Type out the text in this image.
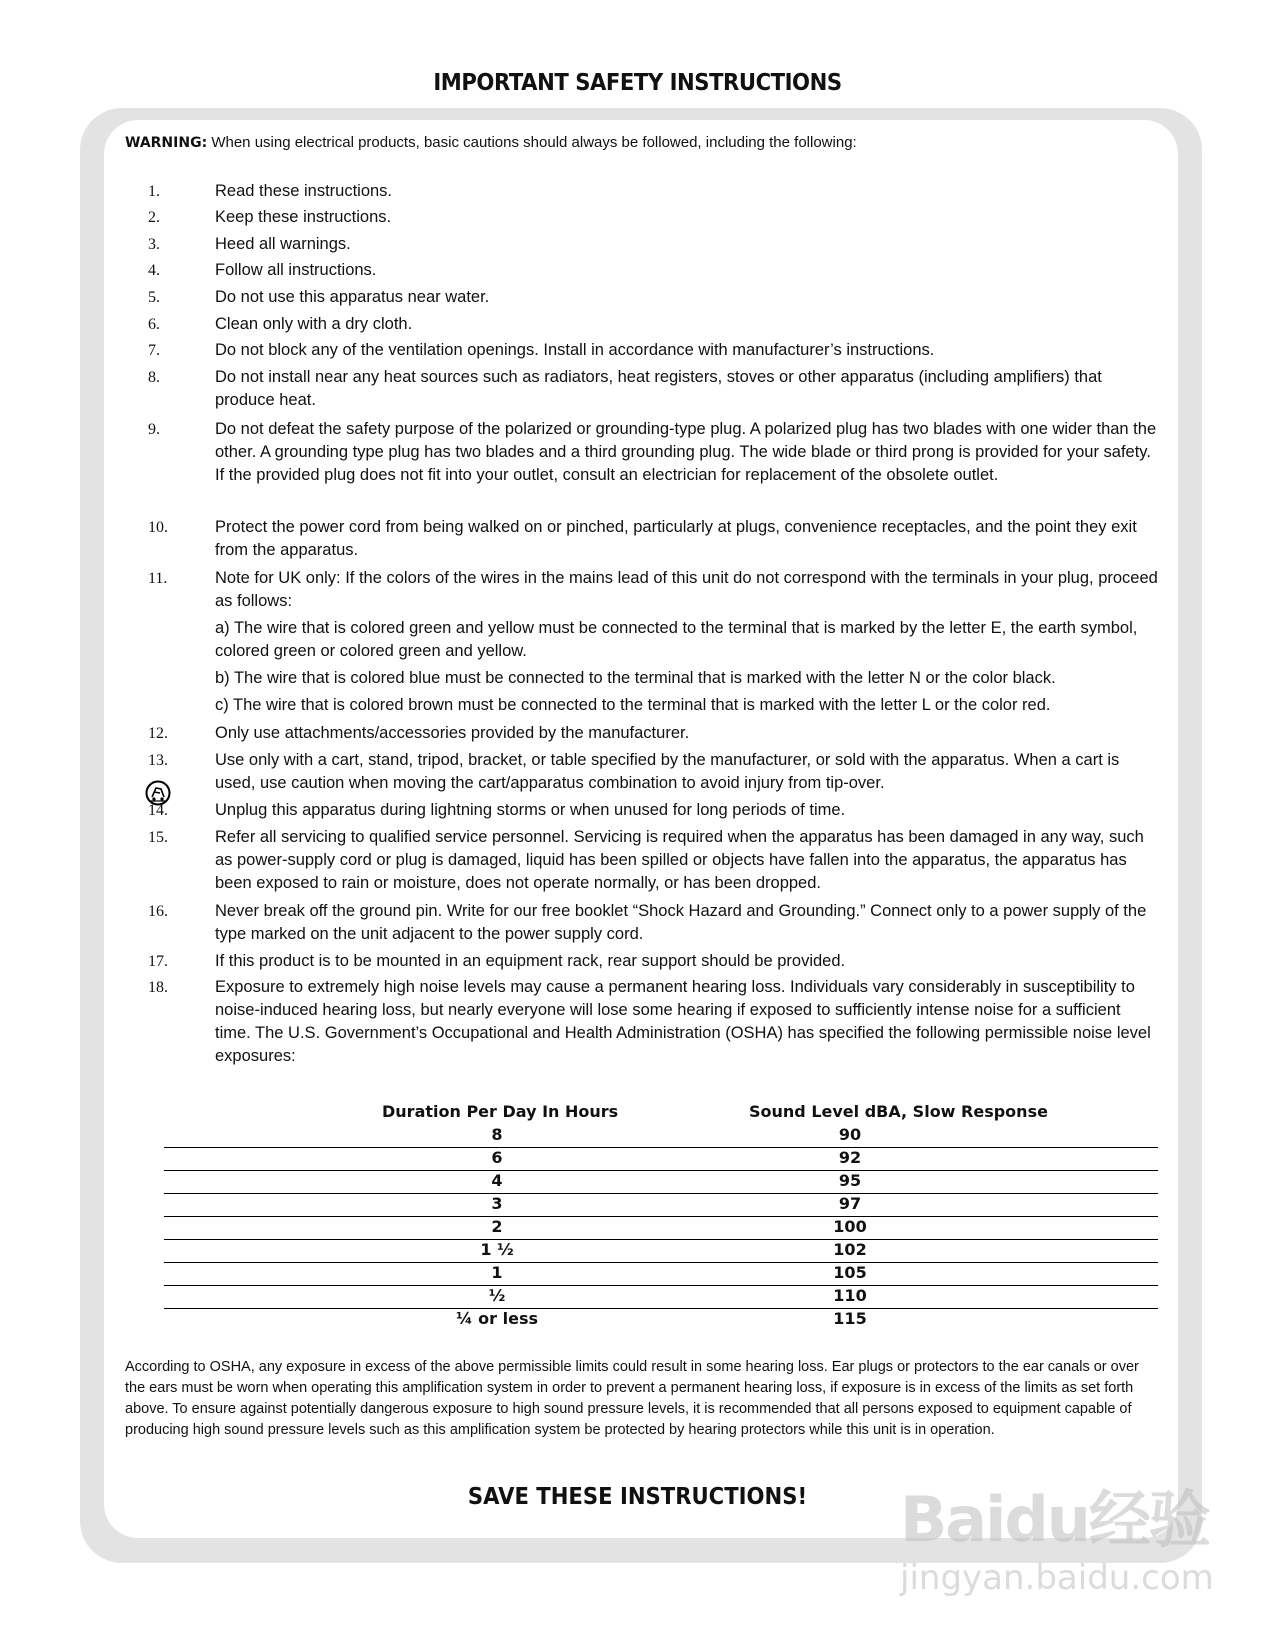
IMPORTANT SAFETY INSTRUCTIONS
WARNING: When using electrical products, basic cautions should always be followed, including the following:
1.	Read these instructions.
2.	Keep these instructions.
3.	Heed all warnings.
4.	Follow all instructions.
5.	Do not use this apparatus near water.
6.	Clean only with a dry cloth.
7.	Do not block any of the ventilation openings. Install in accordance with manufacturer’s instructions.
8.	Do not install near any heat sources such as radiators, heat registers, stoves or other apparatus (including amplifiers) that produce heat.
9.	Do not defeat the safety purpose of the polarized or grounding-type plug. A polarized plug has two blades with one wider than the other. A grounding type plug has two blades and a third grounding plug. The wide blade or third prong is provided for your safety. If the provided plug does not fit into your outlet, consult an electrician for replacement of the obsolete outlet.
10.	Protect the power cord from being walked on or pinched, particularly at plugs, convenience receptacles, and the point they exit from the apparatus.
11.	Note for UK only: If the colors of the wires in the mains lead of this unit do not correspond with the terminals in your plug, proceed as follows:
a) The wire that is colored green and yellow must be connected to the terminal that is marked by the letter E, the earth symbol, colored green or colored green and yellow.
b) The wire that is colored blue must be connected to the terminal that is marked with the letter N or the color black.
c) The wire that is colored brown must be connected to the terminal that is marked with the letter L or the color red.
12.	Only use attachments/accessories provided by the manufacturer.
13.	Use only with a cart, stand, tripod, bracket, or table specified by the manufacturer, or sold with the apparatus. When a cart is used, use caution when moving the cart/apparatus combination to avoid injury from tip-over.
14.	Unplug this apparatus during lightning storms or when unused for long periods of time.
15.	Refer all servicing to qualified service personnel. Servicing is required when the apparatus has been damaged in any way, such as power-supply cord or plug is damaged, liquid has been spilled or objects have fallen into the apparatus, the apparatus has been exposed to rain or moisture, does not operate normally, or has been dropped.
16.	Never break off the ground pin. Write for our free booklet “Shock Hazard and Grounding.” Connect only to a power supply of the type marked on the unit adjacent to the power supply cord.
17.	If this product is to be mounted in an equipment rack, rear support should be provided.
18.	Exposure to extremely high noise levels may cause a permanent hearing loss. Individuals vary considerably in susceptibility to noise-induced hearing loss, but nearly everyone will lose some hearing if exposed to sufficiently intense noise for a sufficient time. The U.S. Government’s Occupational and Health Administration (OSHA) has specified the following permissible noise level exposures:
Duration Per Day In Hours	Sound Level dBA, Slow Response
8	90
6	92
4	95
3	97
2	100
1 ½	102
1	105
½	110
¼ or less	115
According to OSHA, any exposure in excess of the above permissible limits could result in some hearing loss. Ear plugs or protectors to the ear canals or over the ears must be worn when operating this amplification system in order to prevent a permanent hearing loss, if exposure is in excess of the limits as set forth above. To ensure against potentially dangerous exposure to high sound pressure levels, it is recommended that all persons exposed to equipment capable of producing high sound pressure levels such as this amplification system be protected by hearing protectors while this unit is in operation.
SAVE THESE INSTRUCTIONS!	Baidu经验
jingyan.baidu.com
